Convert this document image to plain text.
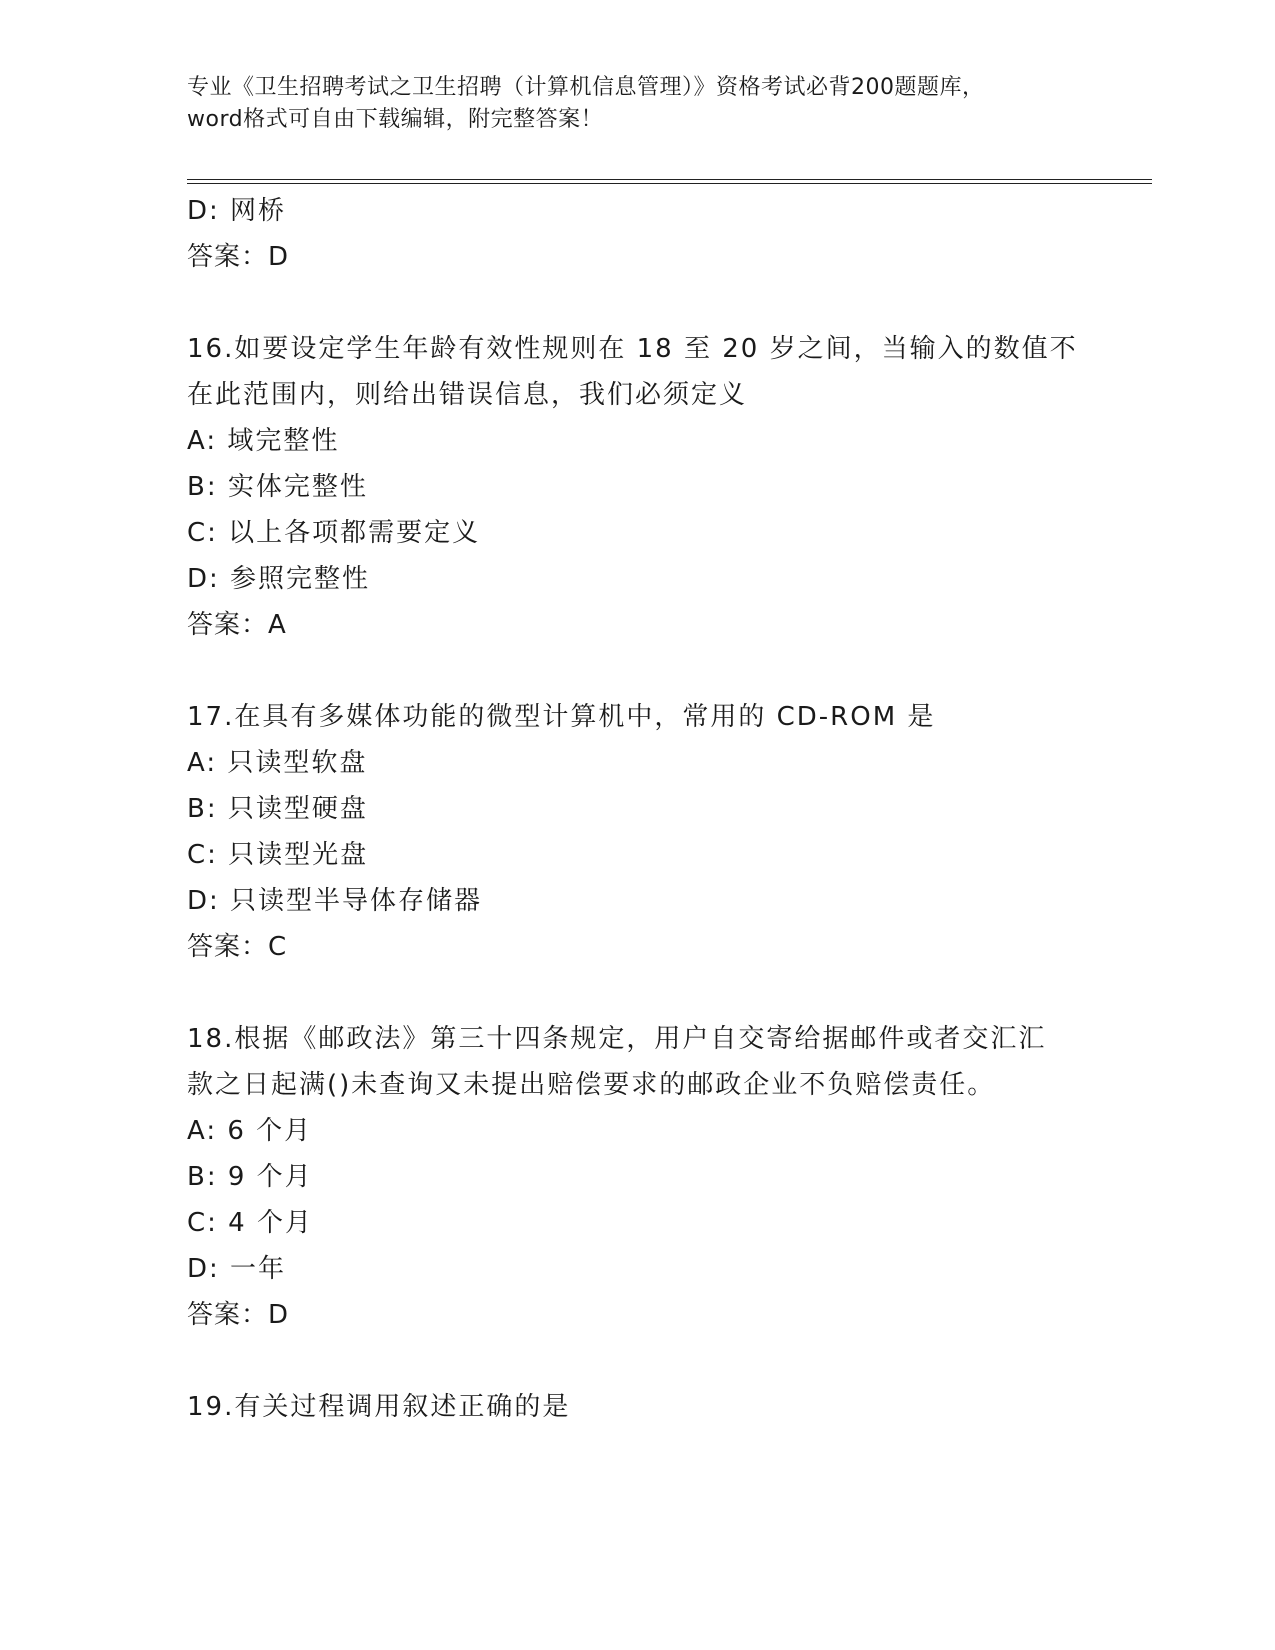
专业《卫生招聘考试之卫生招聘（计算机信息管理）》资格考试必背200题题库，
word格式可自由下载编辑，附完整答案！
D: 网桥
答案：D
16.如要设定学生年龄有效性规则在 18 至 20 岁之间，当输入的数值不
在此范围内，则给出错误信息，我们必须定义
A: 域完整性
B: 实体完整性
C: 以上各项都需要定义
D: 参照完整性
答案：A
17.在具有多媒体功能的微型计算机中，常用的 CD-ROM 是
A: 只读型软盘
B: 只读型硬盘
C: 只读型光盘
D: 只读型半导体存储器
答案：C
18.根据《邮政法》第三十四条规定，用户自交寄给据邮件或者交汇汇
款之日起满()未查询又未提出赔偿要求的邮政企业不负赔偿责任。
A: 6 个月
B: 9 个月
C: 4 个月
D: 一年
答案：D
19.有关过程调用叙述正确的是
